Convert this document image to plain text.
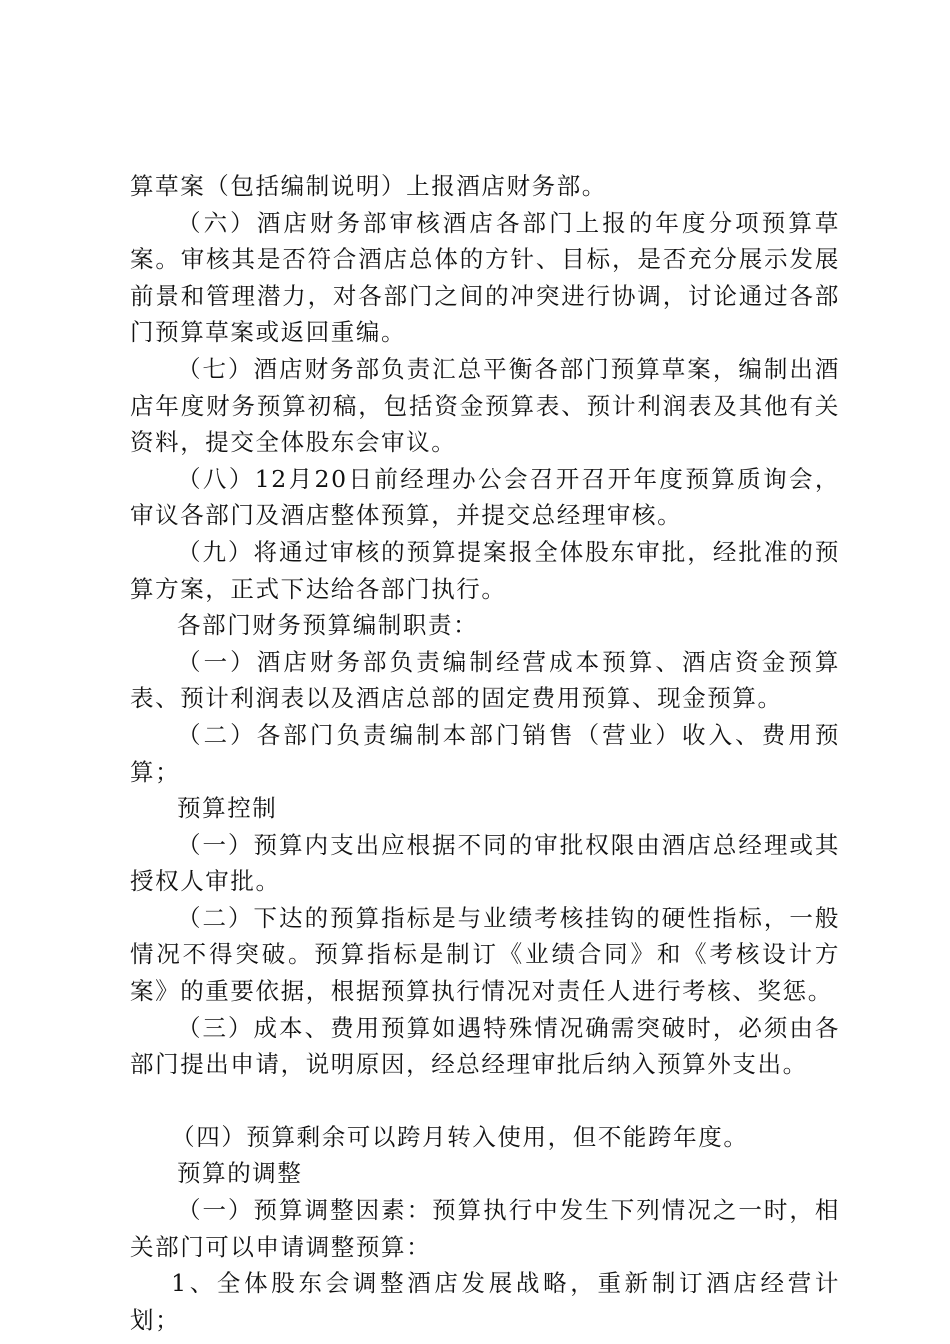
算草案（包括编制说明）上报酒店财务部。

（六）酒店财务部审核酒店各部门上报的年度分项预算草案。审核其是否符合酒店总体的方针、目标，是否充分展示发展前景和管理潜力，对各部门之间的冲突进行协调，讨论通过各部门预算草案或返回重编。

（七）酒店财务部负责汇总平衡各部门预算草案，编制出酒店年度财务预算初稿，包括资金预算表、预计利润表及其他有关资料，提交全体股东会审议。

（八）12月20日前经理办公会召开召开年度预算质询会，审议各部门及酒店整体预算，并提交总经理审核。

（九）将通过审核的预算提案报全体股东审批，经批准的预算方案，正式下达给各部门执行。

各部门财务预算编制职责：

（一）酒店财务部负责编制经营成本预算、酒店资金预算表、预计利润表以及酒店总部的固定费用预算、现金预算。

（二）各部门负责编制本部门销售（营业）收入、费用预算；

预算控制

（一）预算内支出应根据不同的审批权限由酒店总经理或其授权人审批。

（二）下达的预算指标是与业绩考核挂钩的硬性指标，一般情况不得突破。预算指标是制订《业绩合同》和《考核设计方案》的重要依据，根据预算执行情况对责任人进行考核、奖惩。

（三）成本、费用预算如遇特殊情况确需突破时，必须由各部门提出申请，说明原因，经总经理审批后纳入预算外支出。

（四）预算剩余可以跨月转入使用，但不能跨年度。

预算的调整

（一）预算调整因素：预算执行中发生下列情况之一时，相关部门可以申请调整预算：

1、全体股东会调整酒店发展战略，重新制订酒店经营计划；
